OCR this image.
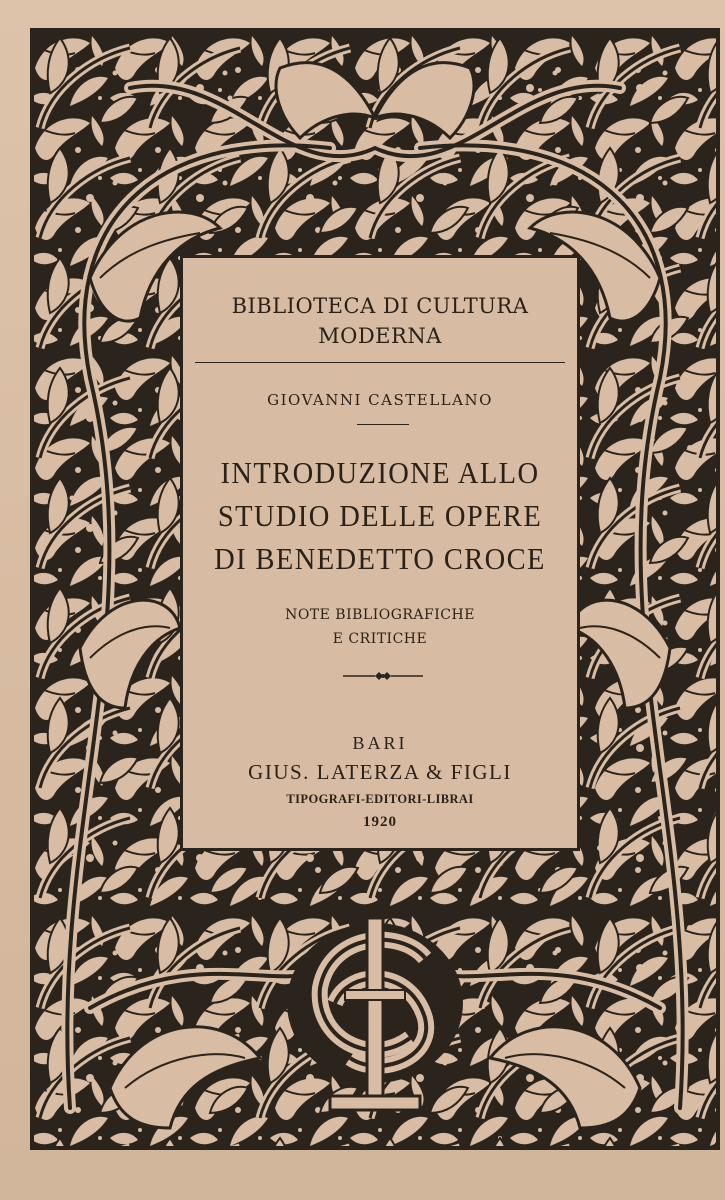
BIBLIOTECA DI CULTURA
MODERNA
GIOVANNI CASTELLANO
INTRODUZIONE ALLO
STUDIO DELLE OPERE
DI BENEDETTO CROCE
NOTE BIBLIOGRAFICHE
E CRITICHE
BARI
GIUS. LATERZA & FIGLI
TIPOGRAFI-EDITORI-LIBRAI
1920
